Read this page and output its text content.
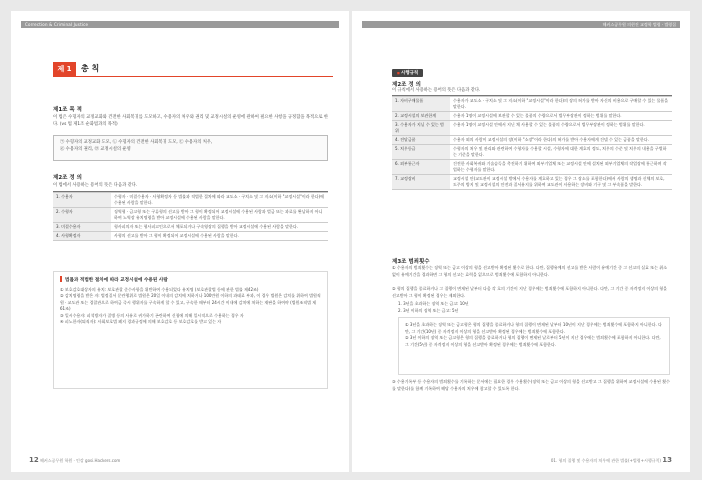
Correction & Criminal Justice
제 1 편
총 칙
제1조 목 적
이 법은 수형자의 교정교화와 건전한 사회복귀를 도모하고, 수용자의 처우와 권리 및 교정시설의 운영에 관하여 필요한 사항을 규정함을 목적으로 한다. (vs 법 제1조 순화법과의 목적)
㉠ 수형자의 교정교화 도모, ㉡ 수형자의 건전한 사회복귀 도모, ㉢ 수용자의 처우,
㉣ 수용자의 권리, ㉤ 교정시설의 운영
제2조 정 의
이 법에서 사용하는 용어의 뜻은 다음과 같다.
1. 수용자	수형자 · 미결수용자 · 사형확정자 등 법률과 적법한 절차에 따라 교도소 · 구치소 및 그 지소(이하 "교정시설"이라 한다)에 수용된 사람을 말한다.
2. 수형자	징역형 · 금고형 또는 구류형의 선고를 받아 그 형이 확정되어 교정시설에 수용된 사람과 벌금 또는 과료를 완납하지 아니하여 노역장 유치명령을 받아 교정시설에 수용된 사람을 말한다.
3. 미결수용자	형사피의자 또는 형사피고인으로서 체포되거나 구속영장의 집행을 받아 교정시설에 수용된 사람을 말한다.
4. 사형확정자	사형의 선고를 받아 그 형이 확정되어 교정시설에 수용된 사람을 말한다.
법률과 적법한 절차에 따라 교정시설에 수용된 사람
① 보호감호대상자의 유치: 보호관찰 준수사항을 위반하여 수용되었다 유치명 (보호관찰법 등에 관한 법률 제42조)
② 감치명령을 받은 자: 법정질서 문란행위로 법원은 20일 이내의 감치에 처하거나 100만원 이하의 과태료 부과, 이 경우 법원은 감치를 위하여 법원직원 · 교도관 또는 경찰관으로 하여금 즉시 행위자를 구속하게 할 수 있고, 구속한 때부터 24시간 이내에 감치에 처하는 재판을 하여야 (법원조직법 제61조)
③ 일시수용자: 피석방자가 질병 등의 사유로 귀가하기 곤란하여 신청에 의해 일시적으로 수용하는 경우 자
④ 피노한자(퇴직자): 사회보호법 폐지 경과규정에 의해 보호감호 등 보호감호를 받고 있는 자
12 해커스공무원 학원 · 인강 gosi.Hackers.com
해커스공무원 의현진 교정학 법령 · 법령집
■ 시행규칙
제2조 정 의
이 규칙에서 사용하는 용어의 뜻은 다음과 같다.
1. 자비구매물품	수용자가 교도소 · 구치소 및 그 지소(이하 "교정시설"이라 한다)의 장의 허가를 받아 자신의 비용으로 구매할 수 있는 물품을 말한다.
2. 교정시설의 보관한계	수용자 1명이 교정시설에 보관할 수 있는 물품의 수량으로서 법무부장관이 정하는 범위를 말한다.
3. 수용자가 지닐 수 있는 범위	수용자 1명이 교정시설 안에서 지닌 채 사용할 수 있는 물품의 수량으로서 법무부장관이 정하는 범위를 말한다.
4. 전달금품	수용자 외의 사람이 교정시설의 장(이하 "소장"이라 한다)의 허가를 받아 수용자에게 건넬 수 있는 금품을 말한다.
5. 처우등급	수형자의 처우 및 관리와 관련하여 수형자를 수용할 시설, 수형자에 대한 계호의 정도, 처우의 수준 및 처우의 내용을 구별하는 기준을 말한다.
6. 외부통근자	건전한 사회복귀와 기술습득을 촉진하기 위하여 외부기업체 또는 교정시설 안에 설치된 외부기업체의 작업장에 통근하며 작업하는 수형자를 말한다.
7. 교정장비	교정시설 안(교도관이 교정시설 밖에서 수용자를 계호하고 있는 경우 그 장소를 포함한다)에서 사람의 생명과 신체의 보호, 도주의 방지 및 교정시설의 안전과 질서유지를 위하여 교도관이 사용하는 장비와 기구 및 그 부속품을 말한다.
제3조 범죄횟수
① 수용자의 범죄횟수는 징역 또는 금고 이상의 형을 선고받아 확정된 횟수로 한다. 다만, 집행유예의 선고를 받은 사람이 유예기간 중 그 선고의 실효 또는 취소 없이 유예기간을 경과하면 그 형의 선고는 효력을 잃으므로 범죄횟수에 포함하지 아니한다.
② 형의 집행을 종료하거나 그 집행이 면제된 날부터 다음 각 호의 기간이 지난 경우에는 범죄횟수에 포함하지 아니한다. 다만, 그 기간 중 자격정지 이상의 형을 선고받아 그 형이 확정된 경우는 제외한다.
1. 3년을 초과하는 징역 또는 금고: 10년
2. 3년 이하의 징역 또는 금고: 5년
① 3년을 초과하는 징역 또는 금고형은 형의 집행을 종료하거나 형의 집행이 면제된 날부터 10년이 지난 경우에는 범죄횟수에 포함하지 아니한다. 다만, 그 기간(10년) 중 자격정지 이상의 형을 선고받아 확정된 경우에는 범죄횟수에 포함한다.
② 3년 이하의 징역 또는 금고형은 형의 집행을 종료하거나 형의 집행이 면제된 날로부터 5년이 지난 경우에는 범죄횟수에 포함하지 아니한다. 다만, 그 기간(5년) 중 자격정지 이상의 형을 선고받아 확정된 경우에는 범죄횟수에 포함한다.
③ 수용기록부 등 수용자의 범죄횟수를 기록하는 문서에는 필요한 경우 수용횟수(징역 또는 금고 이상의 형을 선고받고 그 집행을 위하여 교정시설에 수용된 횟수를 말한다)를 함께 기록하여 해당 수용자의 처우에 참고할 수 있도록 한다.
01. 형의 집행 및 수용자의 처우에 관한 법률(+법령+시행규칙) 13
